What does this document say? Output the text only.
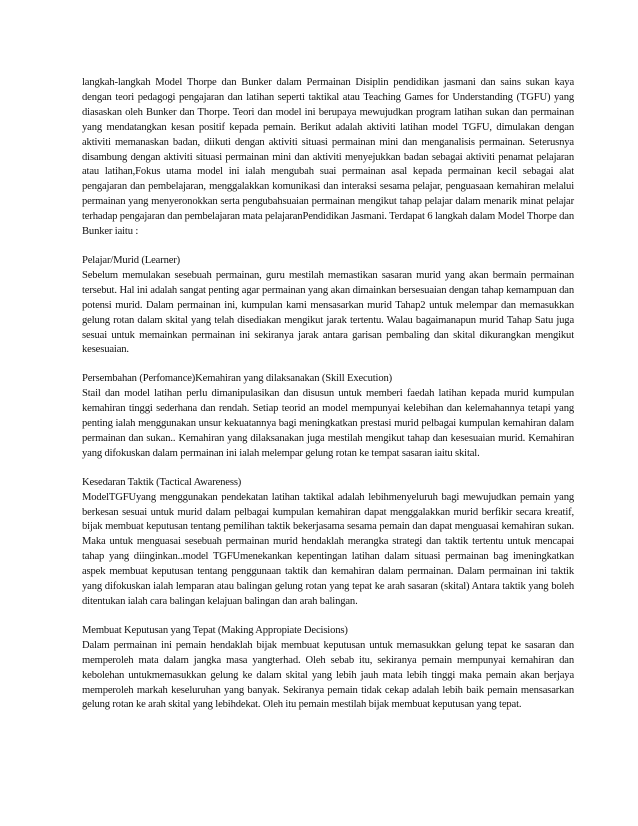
langkah-langkah Model Thorpe dan Bunker dalam Permainan Disiplin pendidikan jasmani dan sains sukan kaya dengan teori pedagogi pengajaran dan latihan seperti taktikal atau Teaching Games for Understanding (TGFU) yang diasaskan oleh Bunker dan Thorpe. Teori dan model ini berupaya mewujudkan program latihan sukan dan permainan yang mendatangkan kesan positif kepada pemain. Berikut adalah aktiviti latihan model TGFU, dimulakan dengan aktiviti memanaskan badan, diikuti dengan aktiviti situasi permainan mini dan menganalisis permainan. Seterusnya disambung dengan aktiviti situasi permainan mini dan aktiviti menyejukkan badan sebagai aktiviti penamat pelajaran atau latihan,Fokus utama model ini ialah mengubah suai permainan asal kepada permainan kecil sebagai alat pengajaran dan pembelajaran, menggalakkan komunikasi dan interaksi sesama pelajar, penguasaan kemahiran melalui permainan yang menyeronokkan serta pengubahsuaian permainan mengikut tahap pelajar dalam menarik minat pelajar terhadap pengajaran dan pembelajaran mata pelajaranPendidikan Jasmani. Terdapat 6 langkah dalam Model Thorpe dan Bunker iaitu :

Pelajar/Murid (Learner)

Sebelum memulakan sesebuah permainan, guru mestilah memastikan sasaran murid yang akan bermain permainan tersebut. Hal ini adalah sangat penting agar permainan yang akan dimainkan bersesuaian dengan tahap kemampuan dan potensi murid. Dalam permainan ini, kumpulan kami mensasarkan murid Tahap2 untuk melempar dan memasukkan gelung rotan dalam skital yang telah disediakan mengikut jarak tertentu. Walau bagaimanapun murid Tahap Satu juga sesuai untuk memainkan permainan ini sekiranya jarak antara garisan pembaling dan skital dikurangkan mengikut kesesuaian.

Persembahan (Perfomance)Kemahiran yang dilaksanakan (Skill Execution)

Stail dan model latihan perlu dimanipulasikan dan disusun untuk memberi faedah latihan kepada murid kumpulan kemahiran tinggi sederhana dan rendah. Setiap teorid an model mempunyai kelebihan dan kelemahannya tetapi yang penting ialah menggunakan unsur kekuatannya bagi meningkatkan prestasi murid pelbagai kumpulan kemahiran dalam permainan dan sukan.. Kemahiran yang dilaksanakan juga mestilah mengikut tahap dan kesesuaian murid. Kemahiran yang difokuskan dalam permainan ini ialah melempar gelung rotan ke tempat sasaran iaitu skital.

Kesedaran Taktik (Tactical Awareness)

ModelTGFUyang menggunakan pendekatan latihan taktikal adalah lebihmenyeluruh bagi mewujudkan pemain yang berkesan sesuai untuk murid dalam pelbagai kumpulan kemahiran dapat menggalakkan murid berfikir secara kreatif, bijak membuat keputusan tentang pemilihan taktik bekerjasama sesama pemain dan dapat menguasai kemahiran sukan. Maka untuk menguasai sesebuah permainan murid hendaklah merangka strategi dan taktik tertentu untuk mencapai tahap yang diinginkan..model TGFUmenekankan kepentingan latihan dalam situasi permainan bag imeningkatkan aspek membuat keputusan tentang penggunaan taktik dan kemahiran dalam permainan. Dalam permainan ini taktik yang difokuskan ialah lemparan atau balingan gelung rotan yang tepat ke arah sasaran (skital) Antara taktik yang boleh ditentukan ialah cara balingan kelajuan balingan dan arah balingan.

Membuat Keputusan yang Tepat (Making Appropiate Decisions)

Dalam permainan ini pemain hendaklah bijak membuat keputusan untuk memasukkan gelung tepat ke sasaran dan memperoleh mata dalam jangka masa yangterhad. Oleh sebab itu, sekiranya pemain mempunyai kemahiran dan kebolehan untukmemasukkan gelung ke dalam skital yang lebih jauh mata lebih tinggi maka pemain akan berjaya memperoleh markah keseluruhan yang banyak. Sekiranya pemain tidak cekap adalah lebih baik pemain mensasarkan gelung rotan ke arah skital yang lebihdekat. Oleh itu pemain mestilah bijak membuat keputusan yang tepat.
